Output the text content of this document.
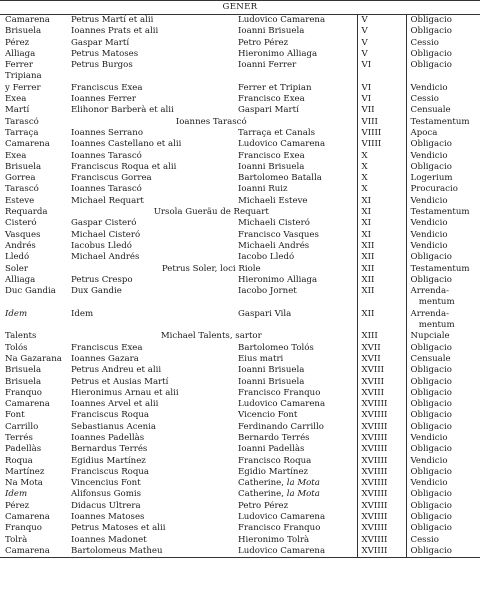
GENER
Camarena	Petrus Martí et alii	Ludovico Camarena	V	Obligacio
Brisuela	Ioannes Prats et alii	Ioanni Brisuela	V	Obligacio
Pérez	Gaspar Martí	Petro Pérez	V	Cessio
Alliaga	Petrus Matoses	Hieronimo Alliaga	V	Obligacio
Ferrer	Petrus Burgos	Ioanni Ferrer	VI	Obligacio
Tripiana				
y Ferrer	Franciscus Exea	Ferrer et Tripian	VI	Vendicio
Exea	Ioannes Ferrer	Francisco Exea	VI	Cessio
Martí	Elihonor Barberà et alii	Gaspari Martí	VII	Censuale
Tarascó	Ioannes Tarascó		VIII	Testamentum
Tarraça	Ioannes Serrano	Tarraça et Canals	VIIII	Apoca
Camarena	Ioannes Castellano et alii	Ludovico Camarena	VIIII	Obligacio
Exea	Ioannes Tarascó	Francisco Exea	X	Vendicio
Brisuela	Franciscus Roqua et alii	Ioanni Brisuela	X	Obligacio
Gorrea	Franciscus Gorrea	Bartolomeo Batalla	X	Logerium
Tarascó	Ioannes Tarascó	Ioanni Ruiz	X	Procuracio
Esteve	Michael Requart	Michaeli Esteve	XI	Vendicio
Requarda	Ursola Gueräu de Requart		XI	Testamentum
Cisteró	Gaspar Cisteró	Michaeli Cisteró	XI	Vendicio
Vasques	Michael Cisteró	Francisco Vasques	XI	Vendicio
Andrés	Iacobus Lledó	Michaeli Andrés	XII	Vendicio
Lledó	Michael Andrés	Iacobo Lledó	XII	Obligacio
Soler	Petrus Soler, loci Riole		XII	Testamentum
Alliaga	Petrus Crespo	Hieronimo Alliaga	XII	Obligacio
Duc Gandia	Dux Gandie	Iacobo Jornet	XII	Arrenda-
				mentum
Idem	Idem	Gaspari Vila	XII	Arrenda-
				mentum
Talents	Michael Talents, sartor		XIII	Nupciale
Tolós	Franciscus Exea	Bartolomeo Tolós	XVII	Obligacio
Na Gazarana	Ioannes Gazara	Eius matri	XVII	Censuale
Brisuela	Petrus Andreu et alii	Ioanni Brisuela	XVIII	Obligacio
Brisuela	Petrus et Ausias Martí	Ioanni Brisuela	XVIII	Obligacio
Franquo	Hieronimus Arnau et alii	Francisco Franquo	XVIII	Obligacio
Camarena	Ioannes Arvel et alii	Ludovico Camarena	XVIIII	Obligacio
Font	Franciscus Roqua	Vicencio Font	XVIIII	Obligacio
Carrillo	Sebastianus Acenia	Ferdinando Carrillo	XVIIII	Obligacio
Terrés	Ioannes Padellàs	Bernardo Terrés	XVIIII	Vendicio
Padellàs	Bernardus Terrés	Ioanni Padellàs	XVIIII	Obligacio
Roqua	Egidius Martínez	Francisco Roqua	XVIIII	Vendicio
Martínez	Franciscus Roqua	Egidio Martínez	XVIIII	Obligacio
Na Mota	Vincencius Font	Catherine, la Mota	XVIIII	Vendicio
Idem	Alifonsus Gomis	Catherine, la Mota	XVIIII	Obligacio
Pérez	Didacus Ultrera	Petro Pérez	XVIIII	Obligacio
Camarena	Ioannes Matoses	Ludovico Camarena	XVIIII	Obligacio
Franquo	Petrus Matoses et alii	Francisco Franquo	XVIIII	Obligacio
Tolrà	Ioannes Madonet	Hieronimo Tolrà	XVIIII	Cessio
Camarena	Bartolomeus Matheu	Ludovico Camarena	XVIIII	Obligacio
